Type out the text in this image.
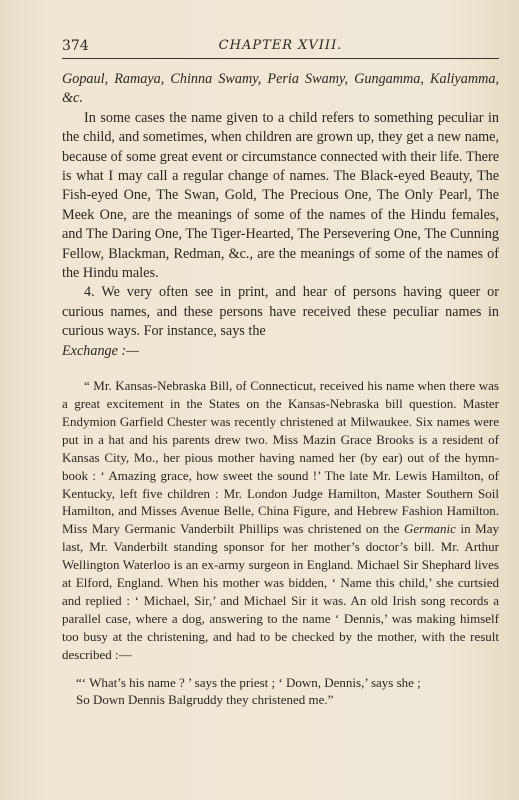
374	CHAPTER XVIII.

Gopaul, Ramaya, Chinna Swamy, Peria Swamy, Gungamma, Kaliyamma, &c.

In some cases the name given to a child refers to something peculiar in the child, and sometimes, when children are grown up, they get a new name, because of some great event or circumstance connected with their life. There is what I may call a regular change of names. The Black-eyed Beauty, The Fish-eyed One, The Swan, Gold, The Precious One, The Only Pearl, The Meek One, are the meanings of some of the names of the Hindu females, and The Daring One, The Tiger-Hearted, The Persevering One, The Cunning Fellow, Blackman, Redman, &c., are the meanings of some of the names of the Hindu males.

4. We very often see in print, and hear of persons having queer or curious names, and these persons have received these peculiar names in curious ways. For instance, says the
Exchange :—

“ Mr. Kansas-Nebraska Bill, of Connecticut, received his name when there was a great excitement in the States on the Kansas-Nebraska bill question. Master Endymion Garfield Chester was recently christened at Milwaukee. Six names were put in a hat and his parents drew two. Miss Mazin Grace Brooks is a resident of Kansas City, Mo., her pious mother having named her (by ear) out of the hymn-book : ‘ Amazing grace, how sweet the sound !’ The late Mr. Lewis Hamilton, of Kentucky, left five children : Mr. London Judge Hamilton, Master Southern Soil Hamilton, and Misses Avenue Belle, China Figure, and Hebrew Fashion Hamilton. Miss Mary Germanic Vanderbilt Phillips was christened on the Germanic in May last, Mr. Vanderbilt standing sponsor for her mother’s doctor’s bill. Mr. Arthur Wellington Waterloo is an ex-army surgeon in England. Michael Sir Shephard lives at Elford, England. When his mother was bidden, ‘ Name this child,’ she curtsied and replied : ‘ Michael, Sir,’ and Michael Sir it was. An old Irish song records a parallel case, where a dog, answering to the name ‘ Dennis,’ was making himself too busy at the christening, and had to be checked by the mother, with the result described :—

“‘ What’s his name ? ’ says the priest ; ‘ Down, Dennis,’ says she ;
So Down Dennis Balgruddy they christened me.”
